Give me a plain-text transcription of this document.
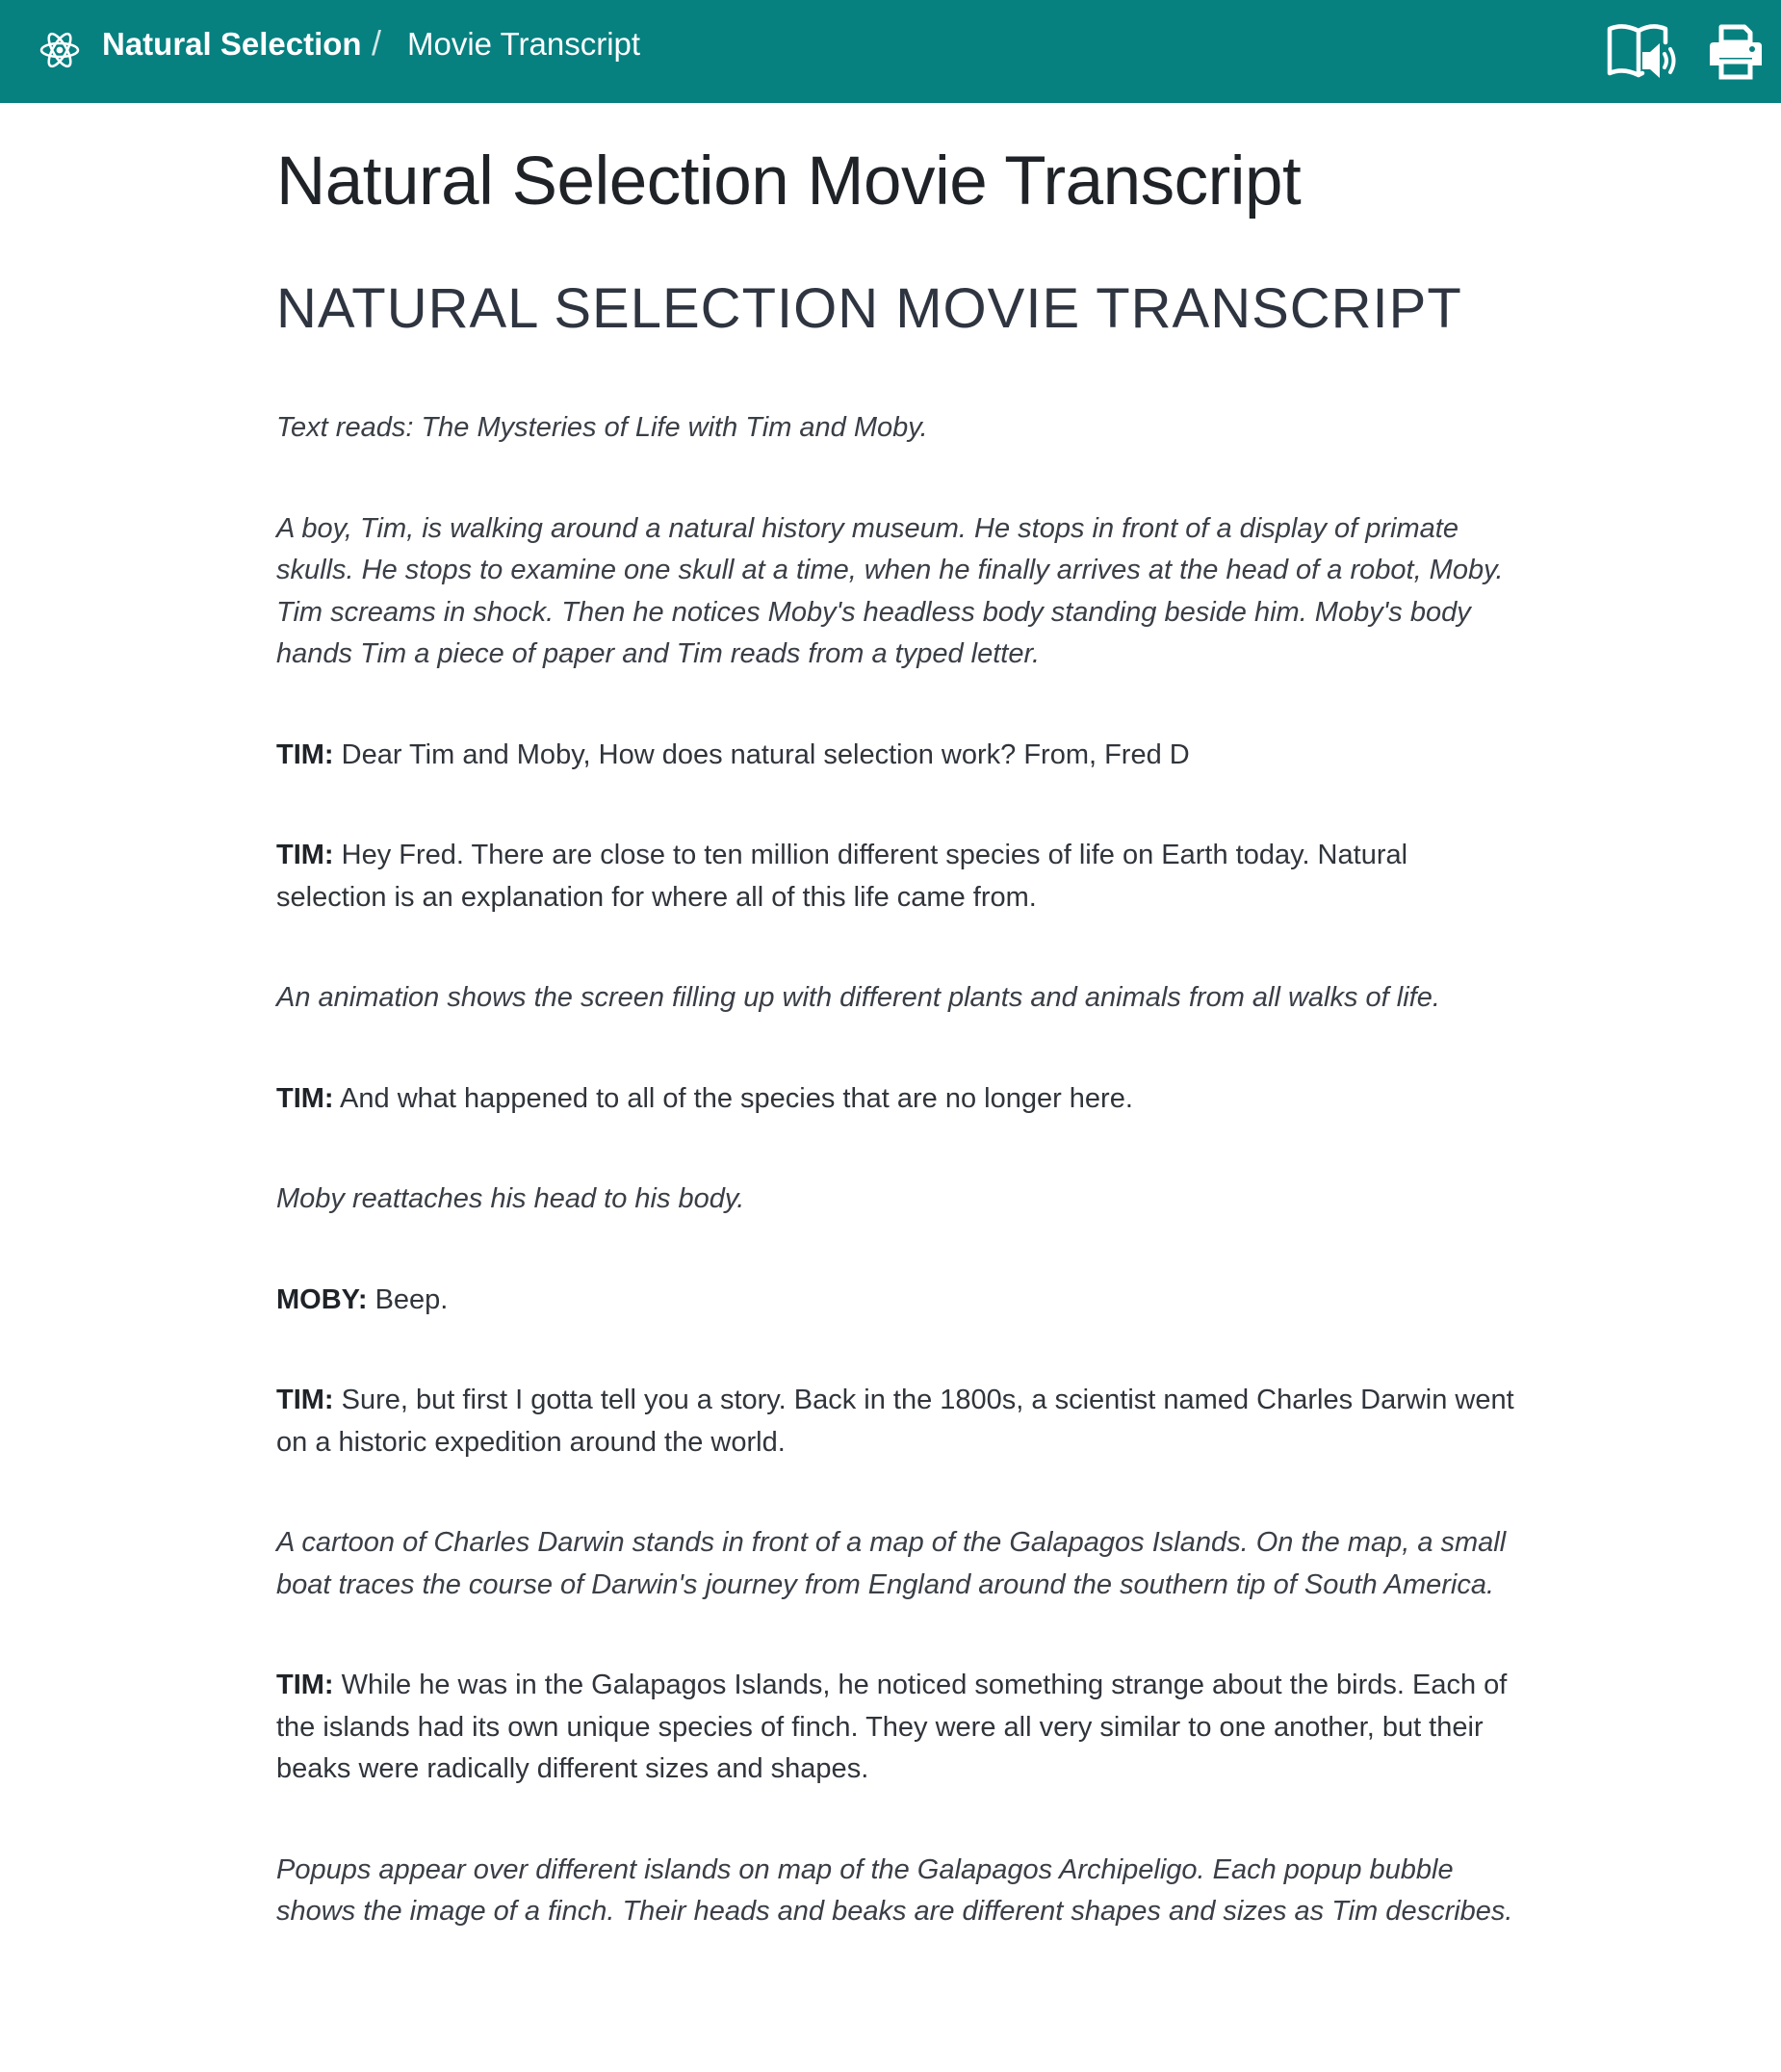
Natural Selection / Movie Transcript
Natural Selection Movie Transcript
NATURAL SELECTION MOVIE TRANSCRIPT

Text reads: The Mysteries of Life with Tim and Moby.

A boy, Tim, is walking around a natural history museum. He stops in front of a display of primate skulls. He stops to examine one skull at a time, when he finally arrives at the head of a robot, Moby. Tim screams in shock. Then he notices Moby's headless body standing beside him. Moby's body hands Tim a piece of paper and Tim reads from a typed letter.

TIM: Dear Tim and Moby, How does natural selection work? From, Fred D

TIM: Hey Fred. There are close to ten million different species of life on Earth today. Natural selection is an explanation for where all of this life came from.

An animation shows the screen filling up with different plants and animals from all walks of life.

TIM: And what happened to all of the species that are no longer here.

Moby reattaches his head to his body.

MOBY: Beep.

TIM: Sure, but first I gotta tell you a story. Back in the 1800s, a scientist named Charles Darwin went on a historic expedition around the world.

A cartoon of Charles Darwin stands in front of a map of the Galapagos Islands. On the map, a small boat traces the course of Darwin's journey from England around the southern tip of South America.

TIM: While he was in the Galapagos Islands, he noticed something strange about the birds. Each of the islands had its own unique species of finch. They were all very similar to one another, but their beaks were radically different sizes and shapes.

Popups appear over different islands on map of the Galapagos Archipeligo. Each popup bubble shows the image of a finch. Their heads and beaks are different shapes and sizes as Tim describes.
